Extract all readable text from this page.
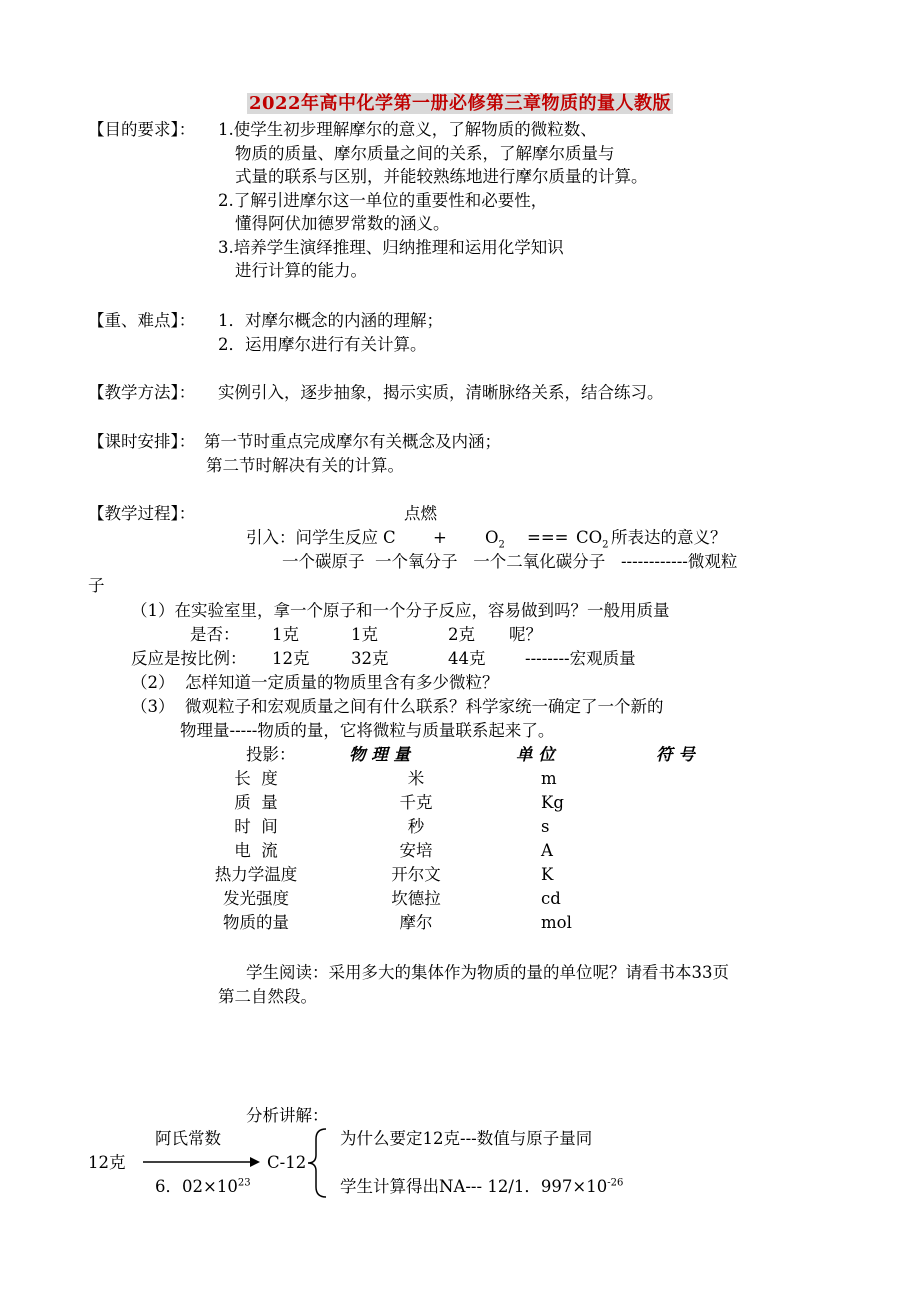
2022年高中化学第一册必修第三章物质的量人教版
【目的要求】： 1.使学生初步理解摩尔的意义，了解物质的微粒数、
物质的质量、摩尔质量之间的关系，了解摩尔质量与
式量的联系与区别，并能较熟练地进行摩尔质量的计算。
2.了解引进摩尔这一单位的重要性和必要性，
懂得阿伏加德罗常数的涵义。
3.培养学生演绎推理、归纳推理和运用化学知识
进行计算的能力。
【重、难点】： 1．对摩尔概念的内涵的理解；
2．运用摩尔进行有关计算。
【教学方法】： 实例引入，逐步抽象，揭示实质，清晰脉络关系，结合练习。
【课时安排】： 第一节时重点完成摩尔有关概念及内涵；
第二节时解决有关的计算。
【教学过程】：	点燃
引入：问学生反应 $C + O_2$ === $CO_2$ 所表达的意义？
一个碳原子  一个氧分子   一个二氧化碳分子   ------------微观粒
子
（1）在实验室里，拿一个原子和一个分子反应，容易做到吗？一般用质量
是否： 1克	1克	2克 呢？
反应是按比例： 12克	32克	44克 --------宏观质量
（2）  怎样知道一定质量的物质里含有多少微粒？
（3）  微观粒子和宏观质量之间有什么联系？科学家统一确定了一个新的
物理量-----物质的量，它将微粒与质量联系起来了。
投影：	物 理 量	单 位	符 号
长  度	米	m
质  量	千克	Kg
时  间	秒	s
电  流	安培	A
热力学温度	开尔文	K
发光强度	坎德拉	cd
物质的量	摩尔	mol
学生阅读：采用多大的集体作为物质的量的单位呢？请看书本33页
第二自然段。
分析讲解：
阿氏常数
12克	C-12
为什么要定12克---数值与原子量同
6．$02\times 10^{23}$	学生计算得出NA--- 12/1．$997\times 10^{-26}$
